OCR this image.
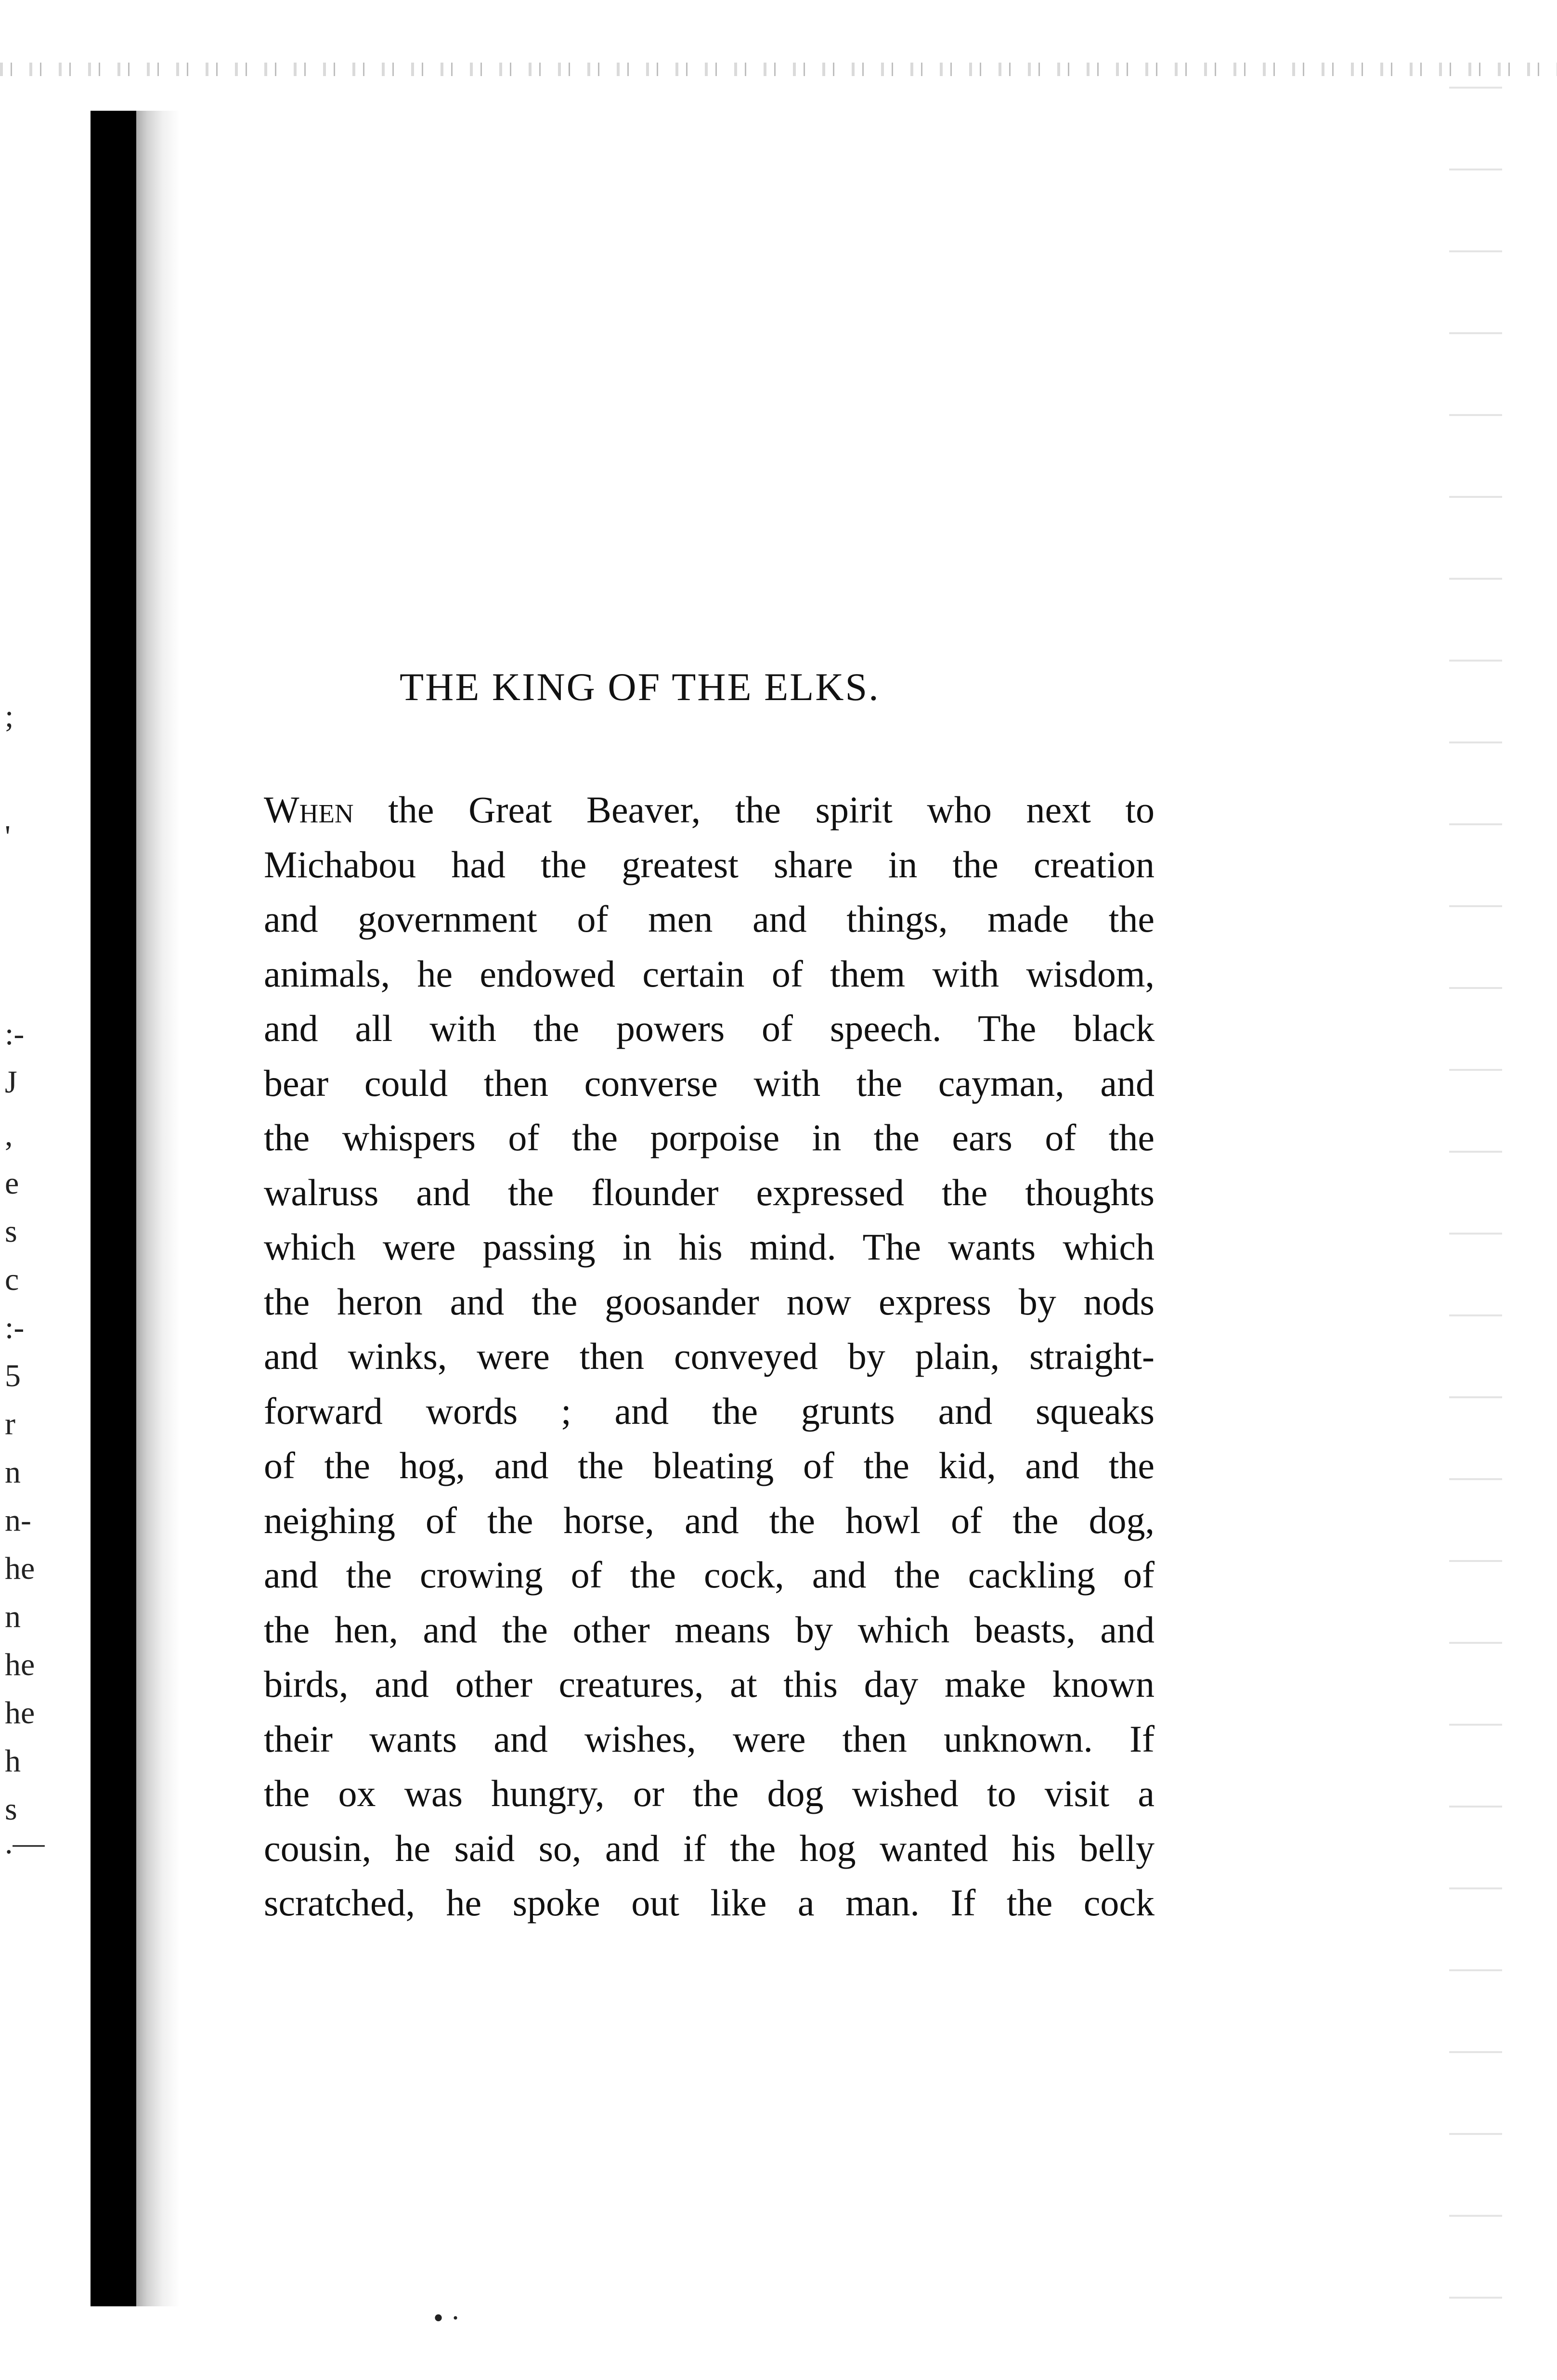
;
'
:-
J
,
e
s
c
:-
5
r
n
n-
he
n
he
he
h
s
.—
THE KING OF THE ELKS.
When the Great Beaver, the spirit who next to
Michabou had the greatest share in the creation
and government of men and things, made the
animals, he endowed certain of them with wisdom,
and all with the powers of speech. The black
bear could then converse with the cayman, and
the whispers of the porpoise in the ears of the
walruss and the flounder expressed the thoughts
which were passing in his mind. The wants which
the heron and the goosander now express by nods
and winks, were then conveyed by plain, straight-
forward words ; and the grunts and squeaks
of the hog, and the bleating of the kid, and the
neighing of the horse, and the howl of the dog,
and the crowing of the cock, and the cackling of
the hen, and the other means by which beasts, and
birds, and other creatures, at this day make known
their wants and wishes, were then unknown. If
the ox was hungry, or the dog wished to visit a
cousin, he said so, and if the hog wanted his belly
scratched, he spoke out like a man. If the cock
• ·
